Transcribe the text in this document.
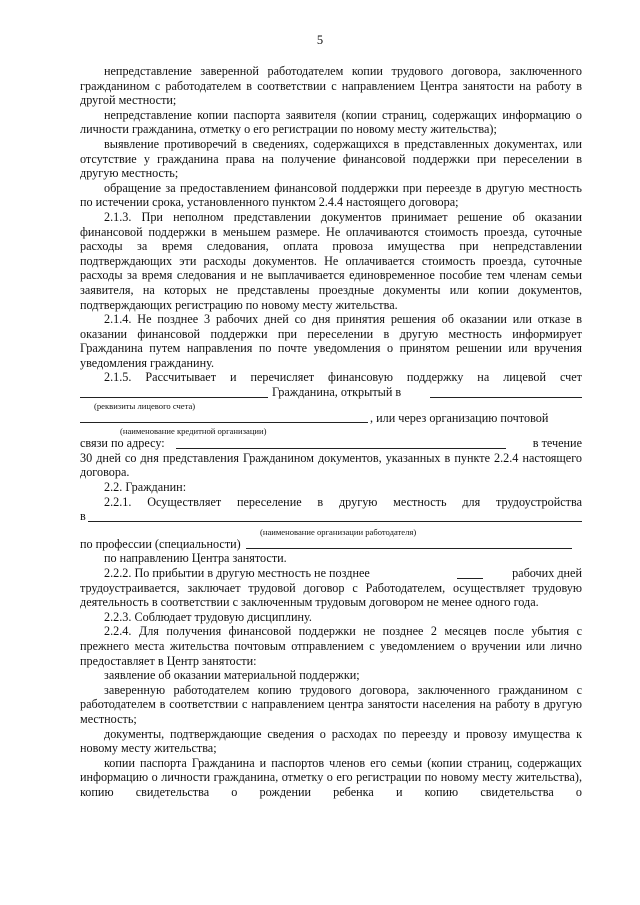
5

непредставление заверенной работодателем копии трудового договора, заключенного гражданином с работодателем в соответствии с направлением Центра занятости на работу в другой местности;

непредставление копии паспорта заявителя (копии страниц, содержащих информацию о личности гражданина, отметку о его регистрации по новому месту жительства);

выявление противоречий в сведениях, содержащихся в представленных документах, или отсутствие у гражданина права на получение финансовой поддержки при переселении в другую местность;

обращение за предоставлением финансовой поддержки при переезде в другую местность по истечении срока, установленного пунктом 2.4.4 настоящего договора;

2.1.3. При неполном представлении документов принимает решение об оказании финансовой поддержки в меньшем размере. Не оплачиваются стоимость проезда, суточные расходы за время следования, оплата провоза имущества при непредставлении подтверждающих эти расходы документов. Не оплачивается стоимость проезда, суточные расходы за время следования и не выплачивается единовременное пособие тем членам семьи заявителя, на которых не представлены проездные документы или копии документов, подтверждающих регистрацию по новому месту жительства.

2.1.4. Не позднее 3 рабочих дней со дня принятия решения об оказании или отказе в оказании финансовой поддержки при переселении в другую местность информирует Гражданина путем направления по почте уведомления о принятом решении или вручения уведомления гражданину.

2.1.5. Рассчитывает и перечисляет финансовую поддержку на лицевой счет

Гражданина, открытый в
(реквизиты лицевого счета)
, или через организацию почтовой
(наименование кредитной организации)
связи по адресу:	в течение

30 дней со дня представления Гражданином документов, указанных в пункте 2.2.4 настоящего договора.

2.2. Гражданин:

2.2.1. Осуществляет переселение в другую местность для трудоустройства

в
(наименование организации работодателя)
по профессии (специальности)

по направлению Центра занятости.

2.2.2. По прибытии в другую местность не позднее	рабочих дней

трудоустраивается, заключает трудовой договор с Работодателем, осуществляет трудовую деятельность в соответствии с заключенным трудовым договором не менее одного года.

2.2.3. Соблюдает трудовую дисциплину.

2.2.4. Для получения финансовой поддержки не позднее 2 месяцев после убытия с прежнего места жительства почтовым отправлением с уведомлением о вручении или лично предоставляет в Центр занятости:

заявление об оказании материальной поддержки;

заверенную работодателем копию трудового договора, заключенного гражданином с работодателем в соответствии с направлением центра занятости населения на работу в другую местность;

документы, подтверждающие сведения о расходах по переезду и провозу имущества к новому месту жительства;

копии паспорта Гражданина и паспортов членов его семьи (копии страниц, содержащих информацию о личности гражданина, отметку о его регистрации по новому месту жительства), копию свидетельства о рождении ребенка и копию свидетельства о
